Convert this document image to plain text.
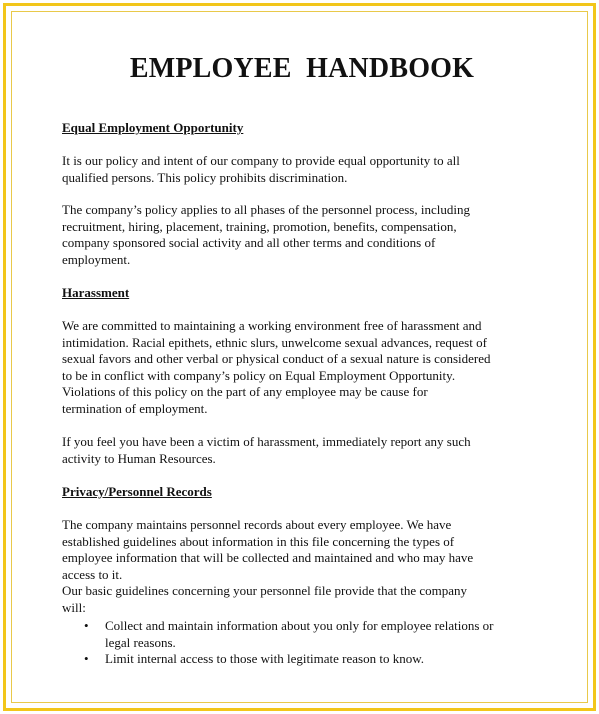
EMPLOYEE  HANDBOOK
Equal Employment Opportunity

It is our policy and intent of our company to provide equal opportunity to all
qualified persons. This policy prohibits discrimination.

The company’s policy applies to all phases of the personnel process, including
recruitment, hiring, placement, training, promotion, benefits, compensation,
company sponsored social activity and all other terms and conditions of
employment.

Harassment

We are committed to maintaining a working environment free of harassment and
intimidation. Racial epithets, ethnic slurs, unwelcome sexual advances, request of
sexual favors and other verbal or physical conduct of a sexual nature is considered
to be in conflict with company’s policy on Equal Employment Opportunity.
Violations of this policy on the part of any employee may be cause for
termination of employment.

If you feel you have been a victim of harassment, immediately report any such
activity to Human Resources.

Privacy/Personnel Records

The company maintains personnel records about every employee. We have
established guidelines about information in this file concerning the types of
employee information that will be collected and maintained and who may have
access to it.
Our basic guidelines concerning your personnel file provide that the company
will:

• Collect and maintain information about you only for employee relations or
legal reasons.
• Limit internal access to those with legitimate reason to know.
